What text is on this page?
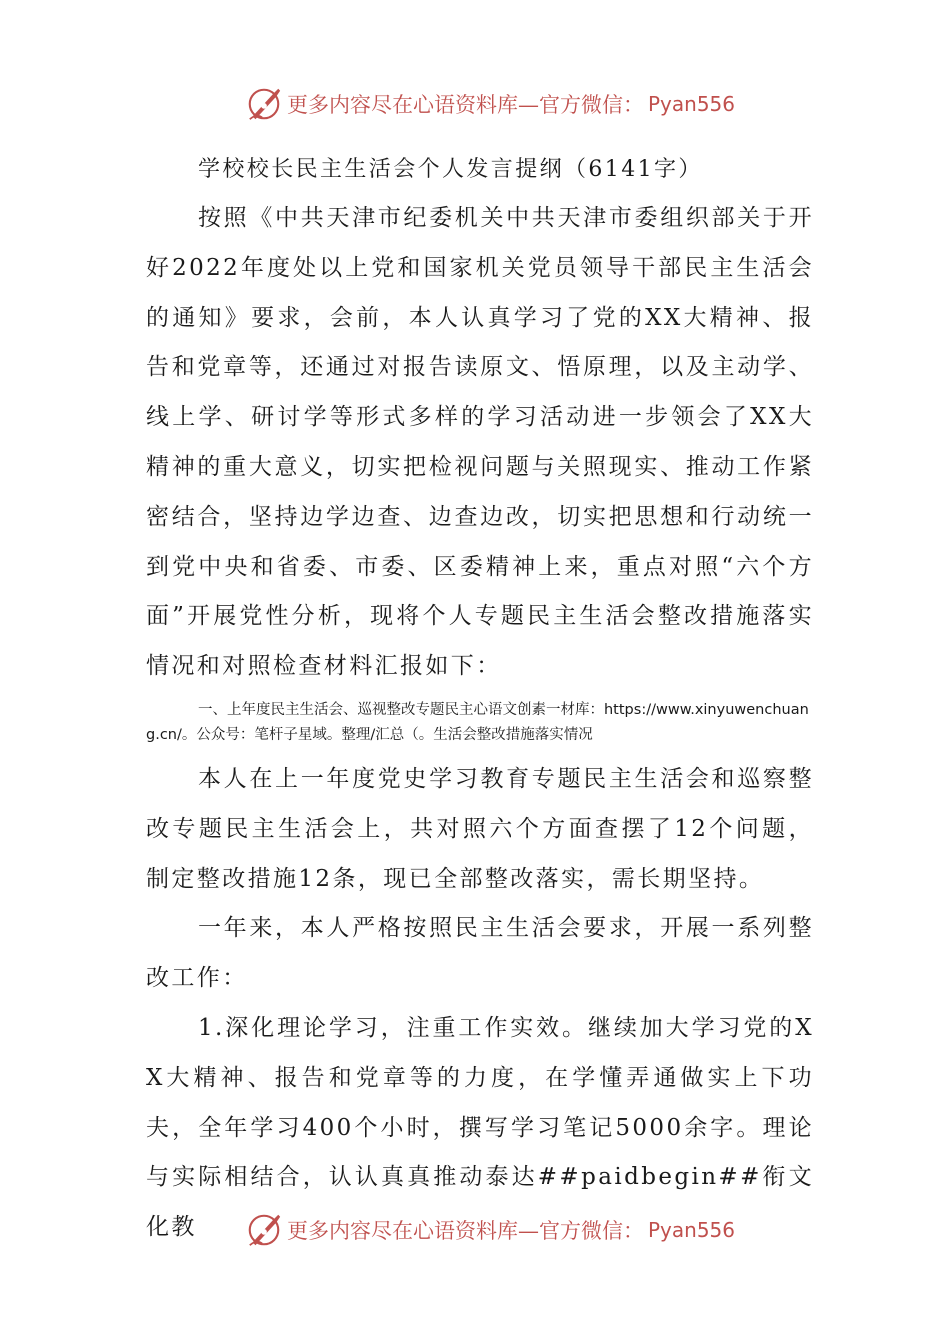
更多内容尽在心语资料库—官方微信： Pyan556

学校校长民主生活会个人发言提纲（6141字）

按照《中共天津市纪委机关中共天津市委组织部关于开好2022年度处以上党和国家机关党员领导干部民主生活会的通知》要求，会前，本人认真学习了党的XX大精神、报告和党章等，还通过对报告读原文、悟原理，以及主动学、线上学、研讨学等形式多样的学习活动进一步领会了XX大精神的重大意义，切实把检视问题与关照现实、推动工作紧密结合，坚持边学边查、边查边改，切实把思想和行动统一到党中央和省委、市委、区委精神上来，重点对照“六个方面”开展党性分析，现将个人专题民主生活会整改措施落实情况和对照检查材料汇报如下：

一、上年度民主生活会、巡视整改专题民主心语文创素一材库：https://www.xinyuwenchuang.cn/。公众号：笔杆子星域。整理/汇总（。生活会整改措施落实情况

本人在上一年度党史学习教育专题民主生活会和巡察整改专题民主生活会上，共对照六个方面查摆了12个问题，制定整改措施12条，现已全部整改落实，需长期坚持。

一年来，本人严格按照民主生活会要求，开展一系列整改工作：

1.深化理论学习，注重工作实效。继续加大学习党的XX大精神、报告和党章等的力度，在学懂弄通做实上下功夫，全年学习400个小时，撰写学习笔记5000余字。理论与实际相结合，认认真真推动泰达##paidbegin##衔文化教	更多内容尽在心语资料库—官方微信： Pyan556
